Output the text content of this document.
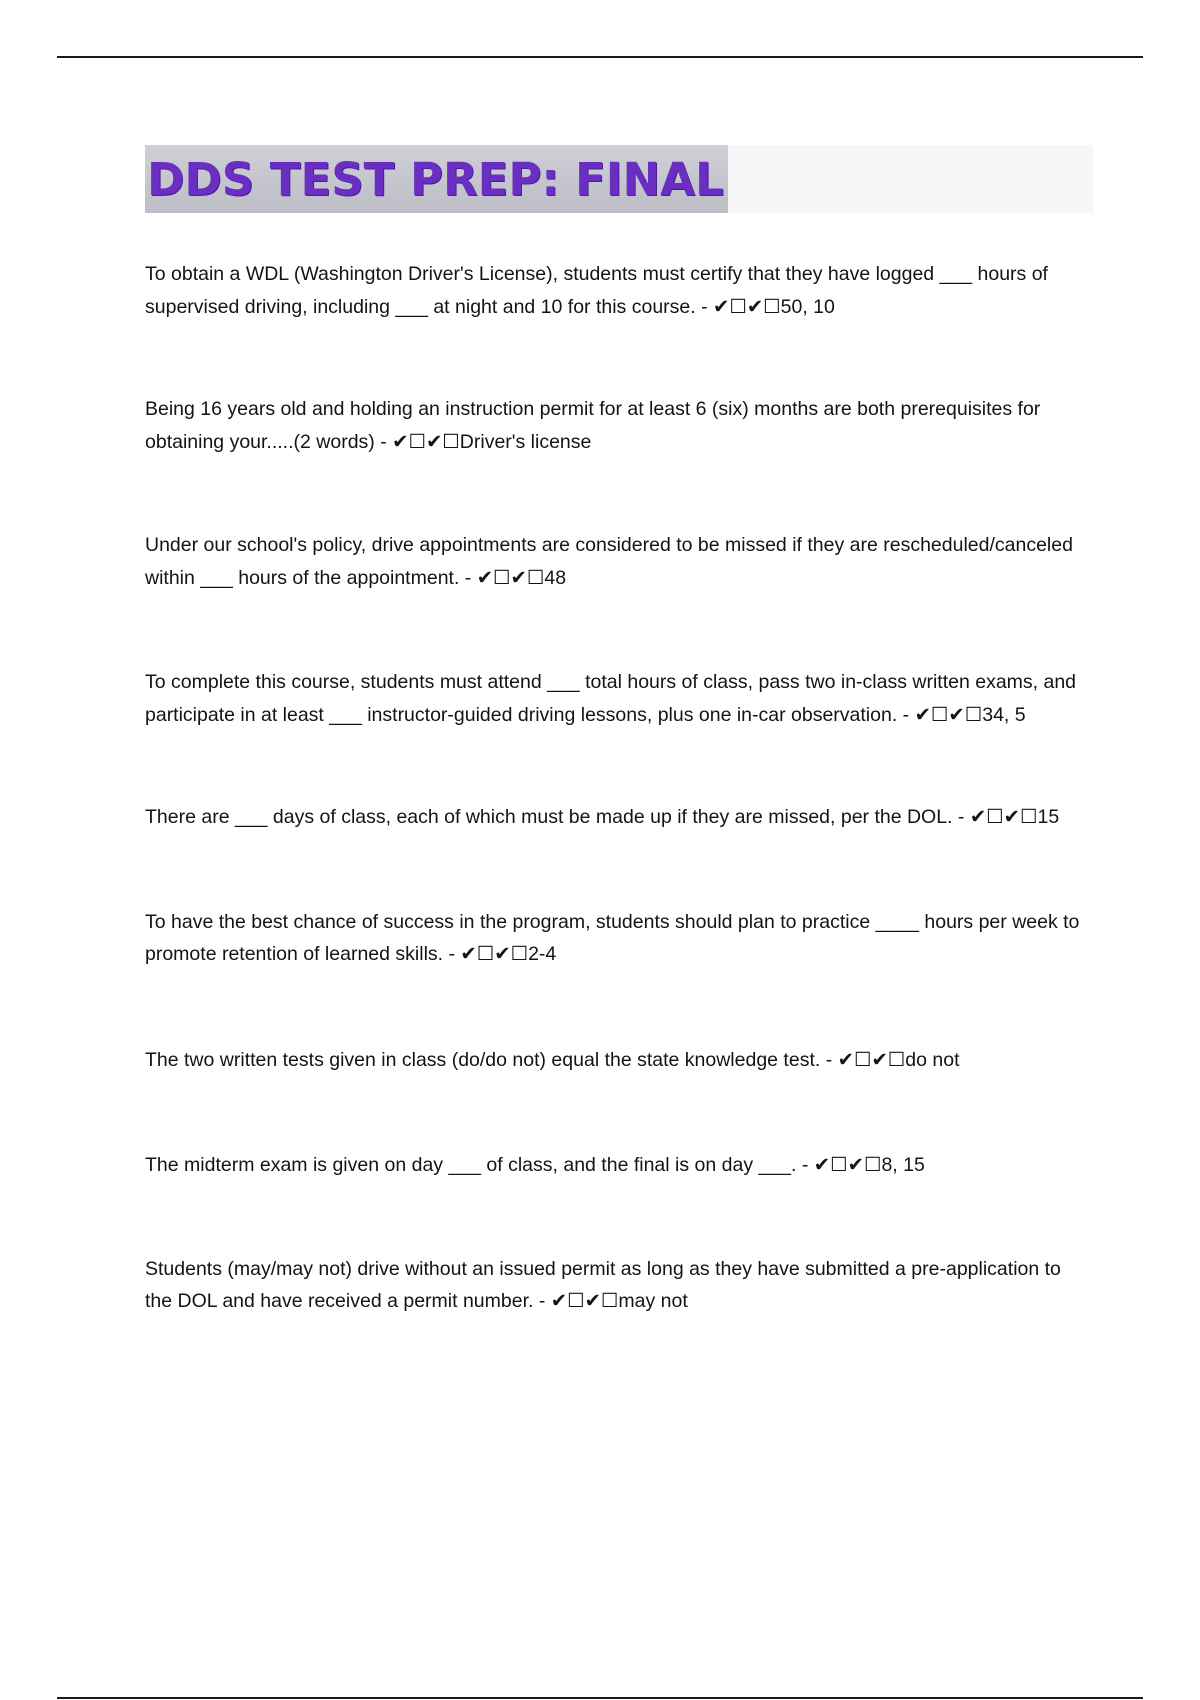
DDS TEST PREP: FINAL

To obtain a WDL (Washington Driver's License), students must certify that they have logged ___ hours of supervised driving, including ___ at night and 10 for this course. - ✔☐✔☐50, 10

Being 16 years old and holding an instruction permit for at least 6 (six) months are both prerequisites for obtaining your.....(2 words) - ✔☐✔☐Driver's license

Under our school's policy, drive appointments are considered to be missed if they are rescheduled/canceled within ___ hours of the appointment. - ✔☐✔☐48

To complete this course, students must attend ___ total hours of class, pass two in-class written exams, and participate in at least ___ instructor-guided driving lessons, plus one in-car observation. - ✔☐✔☐34, 5

There are ___ days of class, each of which must be made up if they are missed, per the DOL. - ✔☐✔☐15

To have the best chance of success in the program, students should plan to practice ____ hours per week to promote retention of learned skills. - ✔☐✔☐2-4

The two written tests given in class (do/do not) equal the state knowledge test. - ✔☐✔☐do not

The midterm exam is given on day ___ of class, and the final is on day ___. - ✔☐✔☐8, 15

Students (may/may not) drive without an issued permit as long as they have submitted a pre-application to the DOL and have received a permit number. - ✔☐✔☐may not
